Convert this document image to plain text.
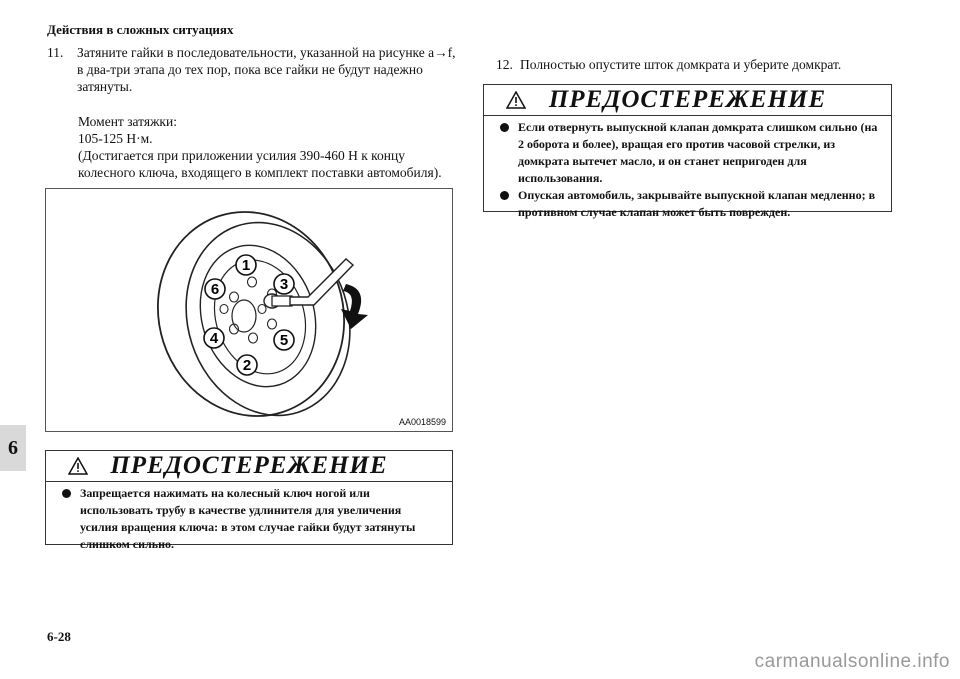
Действия в сложных ситуациях
6
11. Затяните гайки в последовательности, указанной на рисунке a→f, в два-три этапа до тех пор, пока все гайки не будут надежно затянуты.
Момент затяжки:
105-125 Н·м.
(Достигается при приложении усилия 390-460 Н к концу колесного ключа, входящего в комплект поставки автомобиля).
1
2
3
4	5
6
AA0018599
ПРЕДОСТЕРЕЖЕНИЕ
Запрещается нажимать на колесный ключ ногой или использовать трубу в качестве удлинителя для увеличения усилия вращения ключа: в этом случае гайки будут затянуты слишком сильно.
12. Полностью опустите шток домкрата и уберите домкрат.
ПРЕДОСТЕРЕЖЕНИЕ
Если отвернуть выпускной клапан домкрата слишком сильно (на 2 оборота и более), вращая его против часовой стрелки, из домкрата вытечет масло, и он станет непригоден для использования.
Опуская автомобиль, закрывайте выпускной клапан медленно; в противном случае клапан может быть поврежден.
6-28
carmanualsonline.info
